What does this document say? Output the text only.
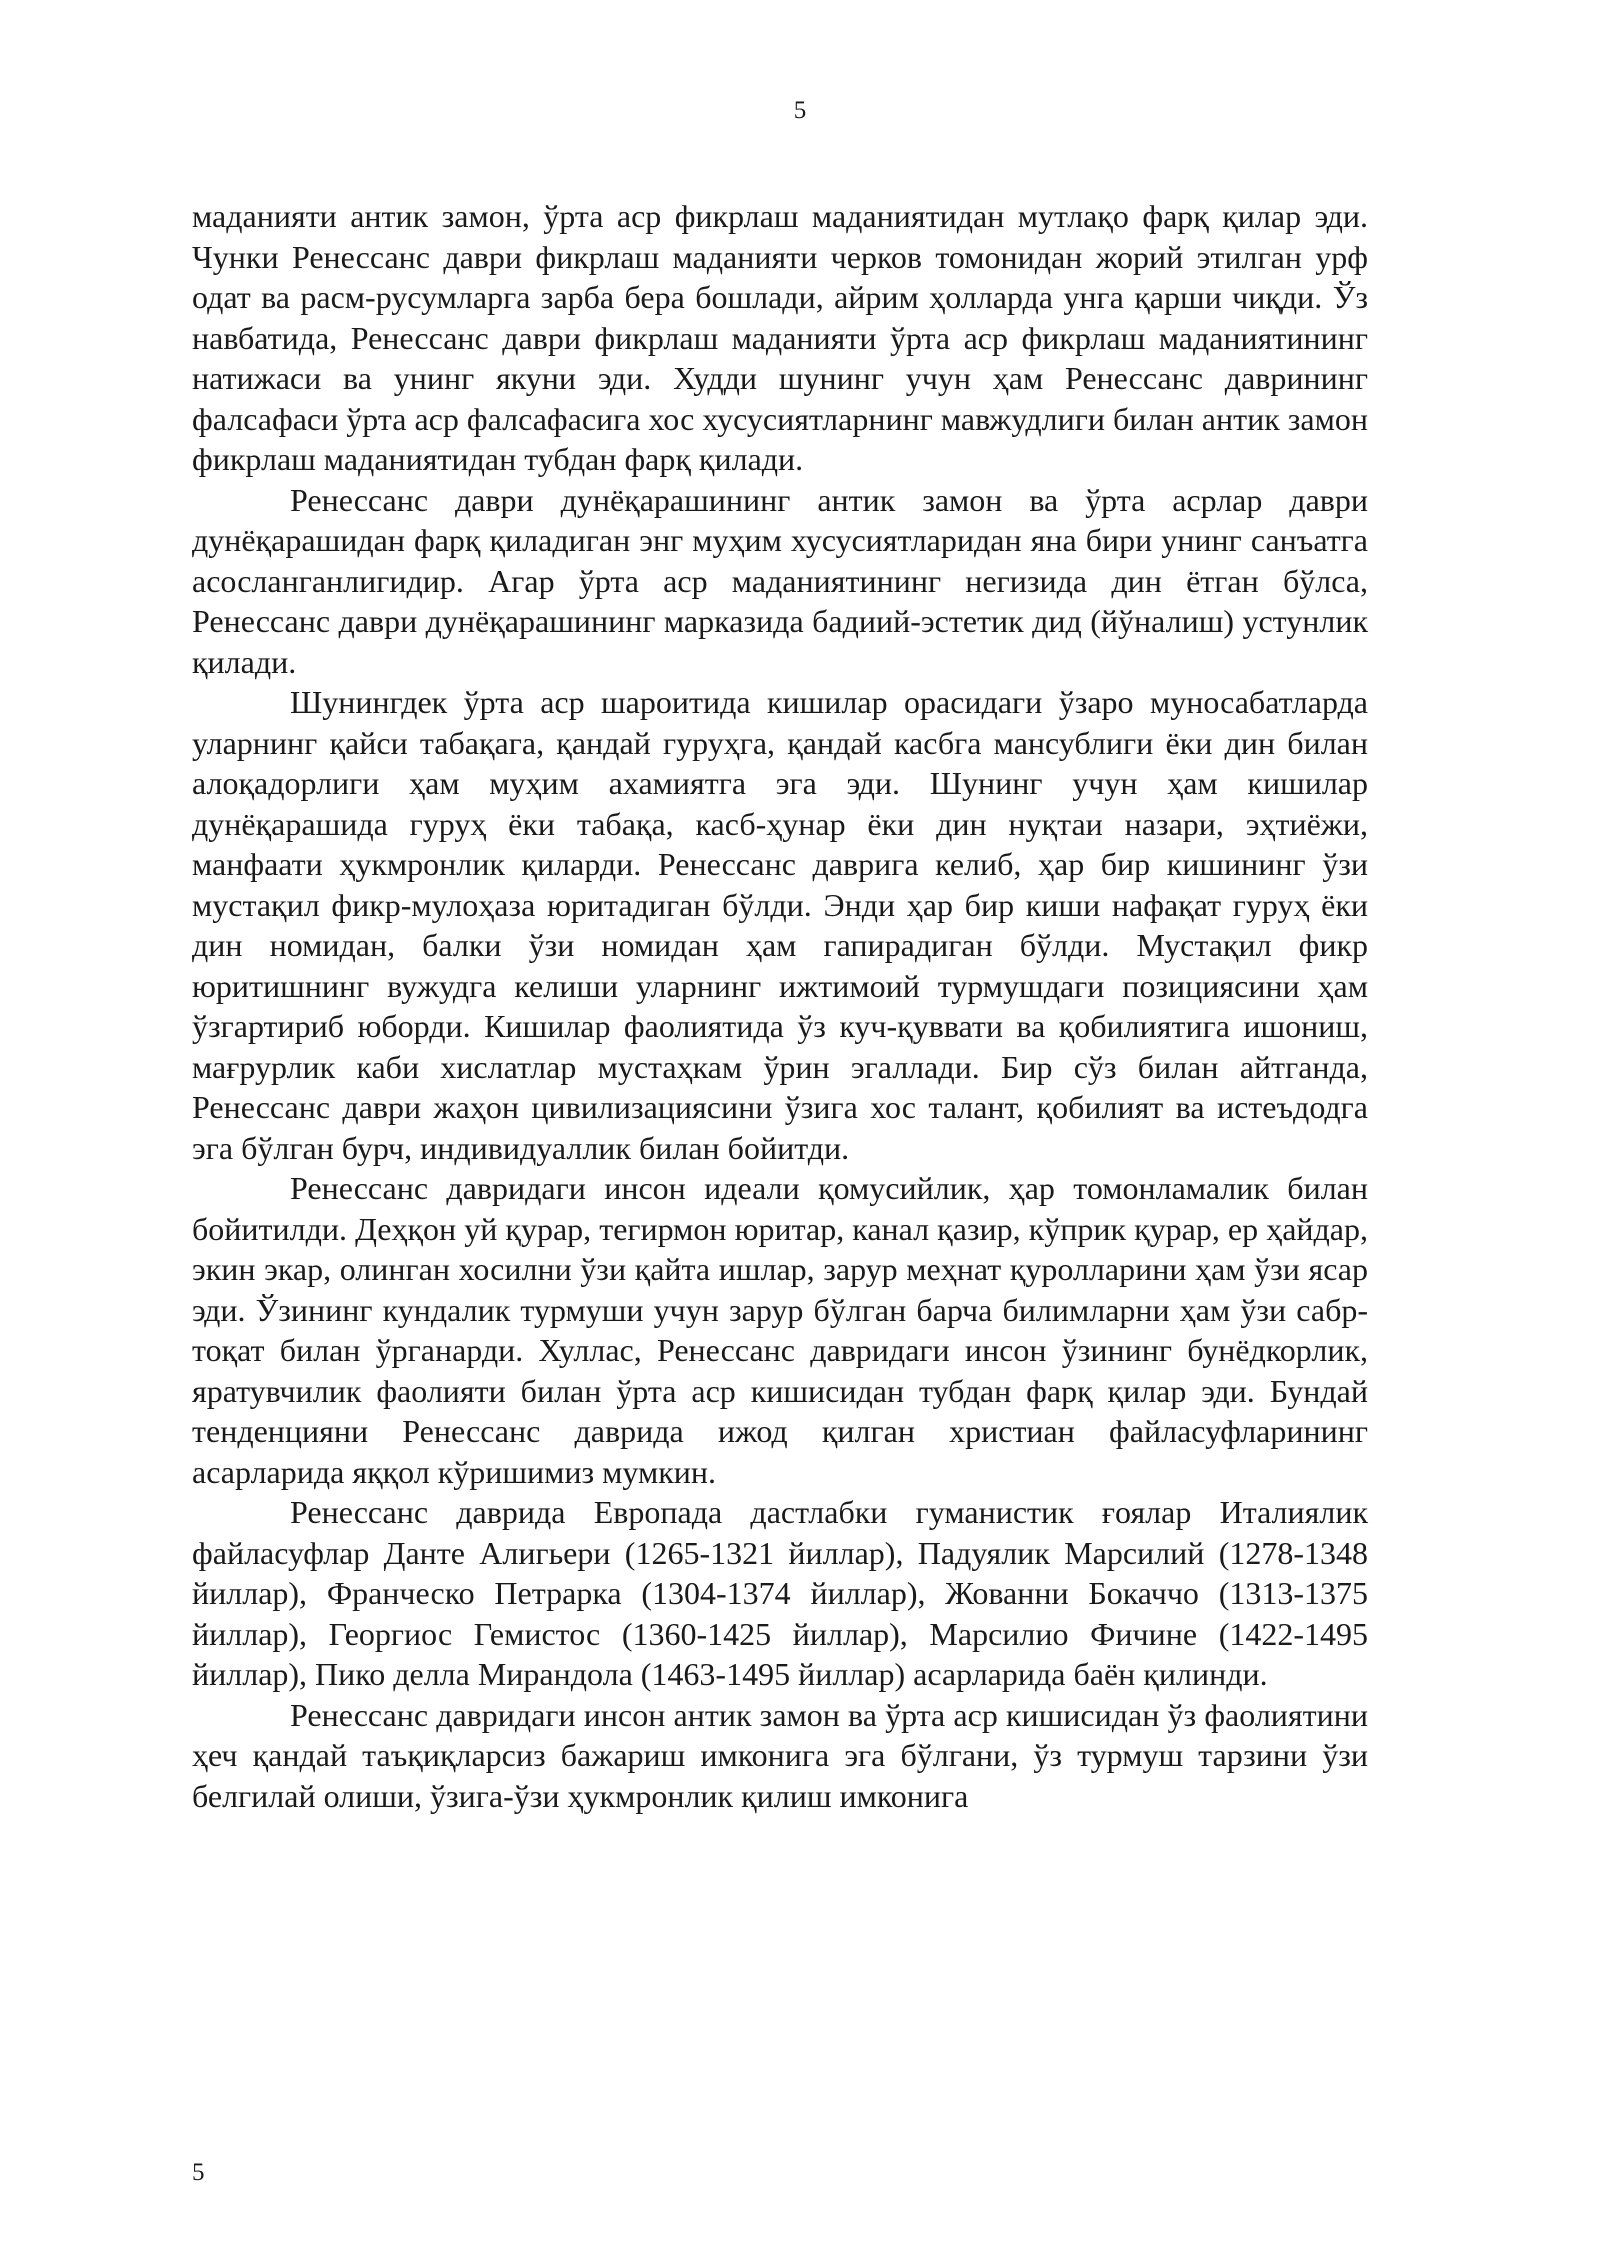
5

маданияти антик замон, ўрта аср фикрлаш маданиятидан мутлақо фарқ қилар эди. Чунки Ренессанс даври фикрлаш маданияти черков томонидан жорий этилган урф одат ва расм-русумларга зарба бера бошлади, айрим ҳолларда унга қарши чиқди. Ўз навбатида, Ренессанс даври фикрлаш маданияти ўрта аср фикрлаш маданиятининг натижаси ва унинг якуни эди. Худди шунинг учун ҳам Ренессанс даврининг фалсафаси ўрта аср фалсафасига хос хусусиятларнинг мавжудлиги билан антик замон фикрлаш маданиятидан тубдан фарқ қилади.

Ренессанс даври дунёқарашининг антик замон ва ўрта асрлар даври дунёқарашидан фарқ қиладиган энг муҳим хусусиятларидан яна бири унинг санъатга асосланганлигидир. Агар ўрта аср маданиятининг негизида дин ётган бўлса, Ренессанс даври дунёқарашининг марказида бадиий-эстетик дид (йўналиш) устунлик қилади.

Шунингдек ўрта аср шароитида кишилар орасидаги ўзаро муносабатларда уларнинг қайси табақага, қандай гуруҳга, қандай касбга мансублиги ёки дин билан алоқадорлиги ҳам муҳим ахамиятга эга эди. Шунинг учун ҳам кишилар дунёқарашида гуруҳ ёки табақа, касб-ҳунар ёки дин нуқтаи назари, эҳтиёжи, манфаати ҳукмронлик қиларди. Ренессанс даврига келиб, ҳар бир кишининг ўзи мустақил фикр-мулоҳаза юритадиган бўлди. Энди ҳар бир киши нафақат гуруҳ ёки дин номидан, балки ўзи номидан ҳам гапирадиган бўлди. Мустақил фикр юритишнинг вужудга келиши уларнинг ижтимоий турмушдаги позициясини ҳам ўзгартириб юборди. Кишилар фаолиятида ўз куч-қуввати ва қобилиятига ишониш, мағрурлик каби хислатлар мустаҳкам ўрин эгаллади. Бир сўз билан айтганда, Ренессанс даври жаҳон цивилизациясини ўзига хос талант, қобилият ва истеъдодга эга бўлган бурч, индивидуаллик билан бойитди.

Ренессанс давридаги инсон идеали қомусийлик, ҳар томонламалик билан бойитилди. Деҳқон уй қурар, тегирмон юритар, канал қазир, кўприк қурар, ер ҳайдар, экин экар, олинган хосилни ўзи қайта ишлар, зарур меҳнат қуролларини ҳам ўзи ясар эди. Ўзининг кундалик турмуши учун зарур бўлган барча билимларни ҳам ўзи сабр-тоқат билан ўрганарди. Хуллас, Ренессанс давридаги инсон ўзининг бунёдкорлик, яратувчилик фаолияти билан ўрта аср кишисидан тубдан фарқ қилар эди. Бундай тенденцияни Ренессанс даврида ижод қилган христиан файласуфларининг асарларида яққол кўришимиз мумкин.

Ренессанс даврида Европада дастлабки гуманистик ғоялар Италиялик файласуфлар Данте Алигьери (1265-1321 йиллар), Падуялик Марсилий (1278-1348 йиллар), Франческо Петрарка (1304-1374 йиллар), Жованни Бокаччо (1313-1375 йиллар), Георгиос Гемистос (1360-1425 йиллар), Марсилио Фичине (1422-1495 йиллар), Пико делла Мирандола (1463-1495 йиллар) асарларида баён қилинди.

Ренессанс давридаги инсон антик замон ва ўрта аср кишисидан ўз фаолиятини ҳеч қандай таъқиқларсиз бажариш имконига эга бўлгани, ўз турмуш тарзини ўзи белгилай олиши, ўзига-ўзи ҳукмронлик қилиш имконига

5
